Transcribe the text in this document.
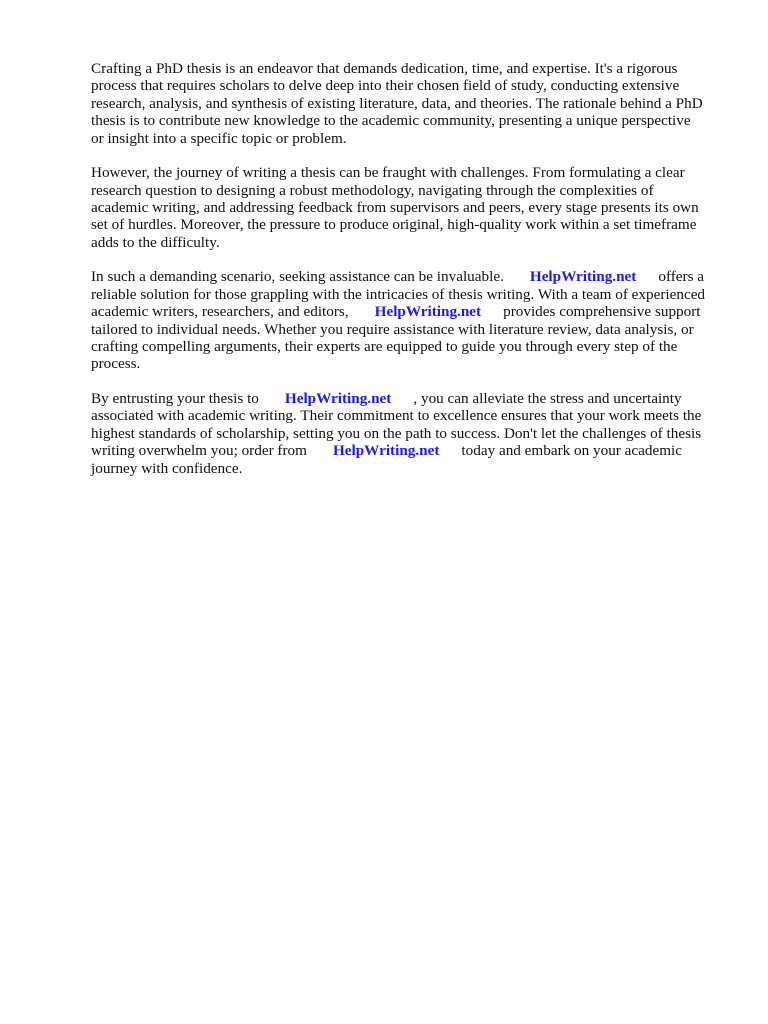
Crafting a PhD thesis is an endeavor that demands dedication, time, and expertise. It's a rigorous
process that requires scholars to delve deep into their chosen field of study, conducting extensive
research, analysis, and synthesis of existing literature, data, and theories. The rationale behind a PhD
thesis is to contribute new knowledge to the academic community, presenting a unique perspective
or insight into a specific topic or problem.

However, the journey of writing a thesis can be fraught with challenges. From formulating a clear
research question to designing a robust methodology, navigating through the complexities of
academic writing, and addressing feedback from supervisors and peers, every stage presents its own
set of hurdles. Moreover, the pressure to produce original, high-quality work within a set timeframe
adds to the difficulty.

In such a demanding scenario, seeking assistance can be invaluable. HelpWriting.net offers a
reliable solution for those grappling with the intricacies of thesis writing. With a team of experienced
academic writers, researchers, and editors, HelpWriting.net provides comprehensive support
tailored to individual needs. Whether you require assistance with literature review, data analysis, or
crafting compelling arguments, their experts are equipped to guide you through every step of the
process.

By entrusting your thesis to HelpWriting.net , you can alleviate the stress and uncertainty
associated with academic writing. Their commitment to excellence ensures that your work meets the
highest standards of scholarship, setting you on the path to success. Don't let the challenges of thesis
writing overwhelm you; order from HelpWriting.net today and embark on your academic
journey with confidence.
